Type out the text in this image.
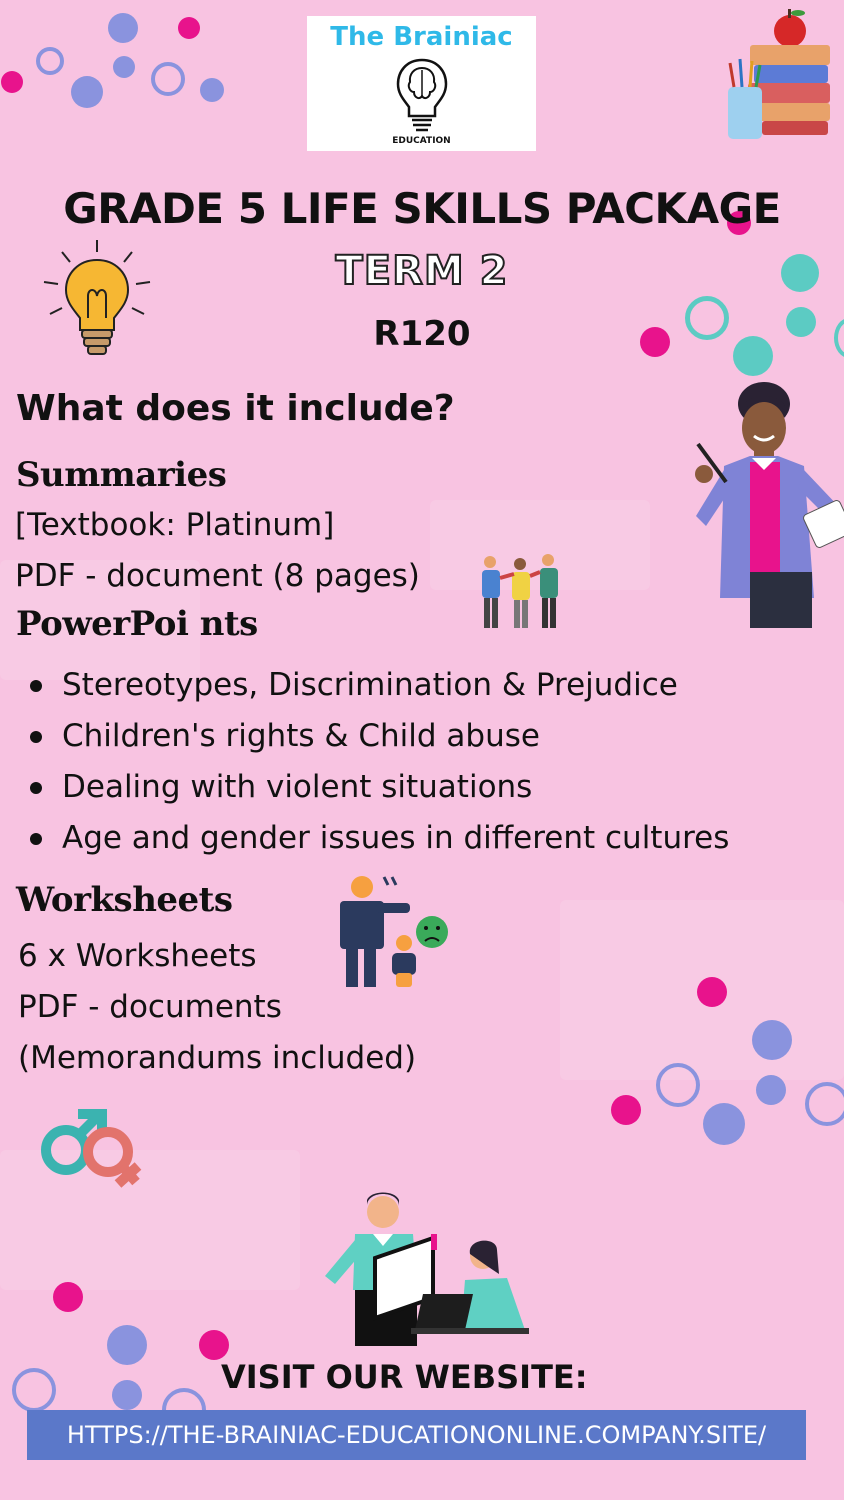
The Brainiac
EDUCATION
GRADE 5 LIFE SKILLS PACKAGE
TERM 2
R120
What does it include?
Summaries
[Textbook: Platinum]
PDF - document (8 pages)
PowerPoi nts
Stereotypes, Discrimination & Prejudice
Children's rights & Child abuse
Dealing with violent situations
Age and gender issues in different cultures
Worksheets
6 x Worksheets
PDF - documents
(Memorandums included)
VISIT OUR WEBSITE:
HTTPS://THE-BRAINIAC-EDUCATIONONLINE.COMPANY.SITE/
